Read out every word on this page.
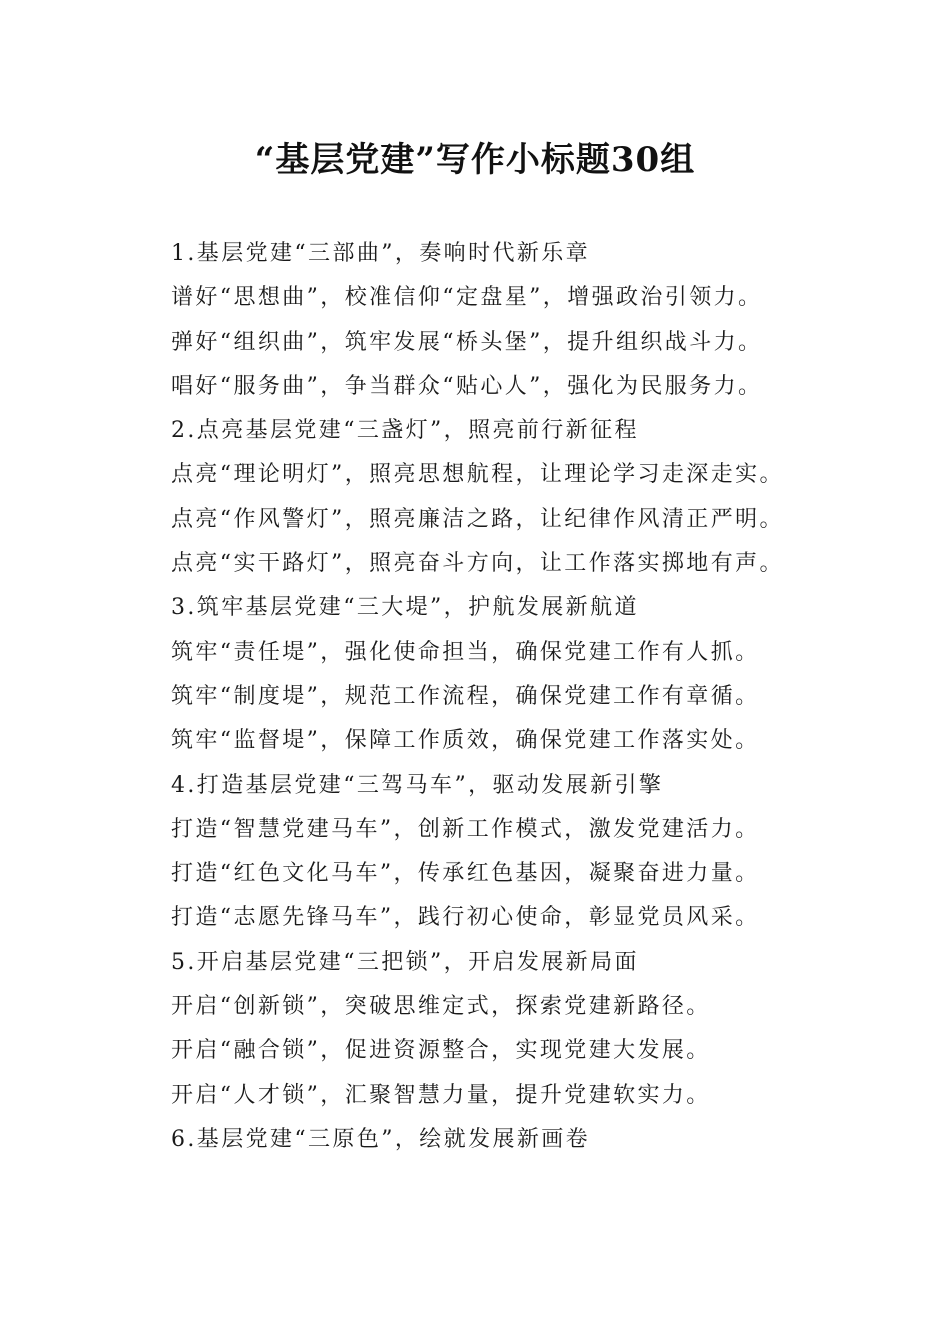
“基层党建”写作小标题30组
1.基层党建“三部曲”，奏响时代新乐章
谱好“思想曲”，校准信仰“定盘星”，增强政治引领力。
弹好“组织曲”，筑牢发展“桥头堡”，提升组织战斗力。
唱好“服务曲”，争当群众“贴心人”，强化为民服务力。
2.点亮基层党建“三盏灯”，照亮前行新征程
点亮“理论明灯”，照亮思想航程，让理论学习走深走实。
点亮“作风警灯”，照亮廉洁之路，让纪律作风清正严明。
点亮“实干路灯”，照亮奋斗方向，让工作落实掷地有声。
3.筑牢基层党建“三大堤”，护航发展新航道
筑牢“责任堤”，强化使命担当，确保党建工作有人抓。
筑牢“制度堤”，规范工作流程，确保党建工作有章循。
筑牢“监督堤”，保障工作质效，确保党建工作落实处。
4.打造基层党建“三驾马车”，驱动发展新引擎
打造“智慧党建马车”，创新工作模式，激发党建活力。
打造“红色文化马车”，传承红色基因，凝聚奋进力量。
打造“志愿先锋马车”，践行初心使命，彰显党员风采。
5.开启基层党建“三把锁”，开启发展新局面
开启“创新锁”，突破思维定式，探索党建新路径。
开启“融合锁”，促进资源整合，实现党建大发展。
开启“人才锁”，汇聚智慧力量，提升党建软实力。
6.基层党建“三原色”，绘就发展新画卷
